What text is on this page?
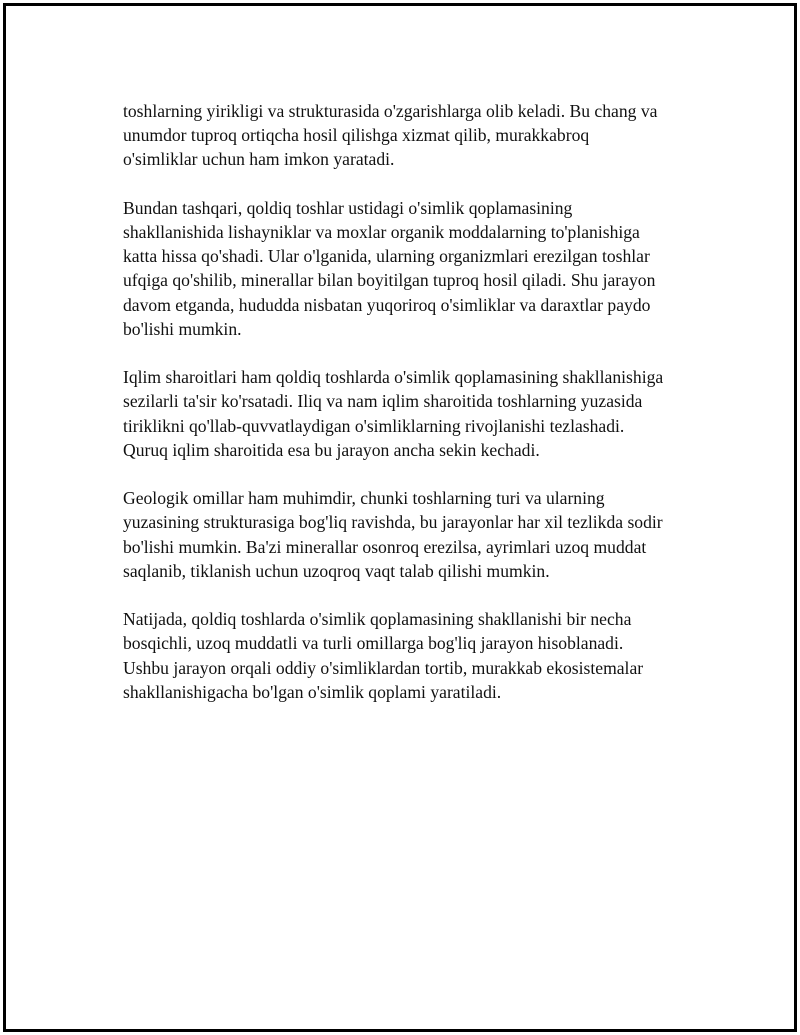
toshlarning yirikligi va strukturasida o'zgarishlarga olib keladi. Bu chang va
unumdor tuproq ortiqcha hosil qilishga xizmat qilib, murakkabroq
o'simliklar uchun ham imkon yaratadi.

Bundan tashqari, qoldiq toshlar ustidagi o'simlik qoplamasining
shakllanishida lishayniklar va moxlar organik moddalarning to'planishiga
katta hissa qo'shadi. Ular o'lganida, ularning organizmlari erezilgan toshlar
ufqiga qo'shilib, minerallar bilan boyitilgan tuproq hosil qiladi. Shu jarayon
davom etganda, hududda nisbatan yuqoriroq o'simliklar va daraxtlar paydo
bo'lishi mumkin.

Iqlim sharoitlari ham qoldiq toshlarda o'simlik qoplamasining shakllanishiga
sezilarli ta'sir ko'rsatadi. Iliq va nam iqlim sharoitida toshlarning yuzasida
tiriklikni qo'llab-quvvatlaydigan o'simliklarning rivojlanishi tezlashadi.
Quruq iqlim sharoitida esa bu jarayon ancha sekin kechadi.

Geologik omillar ham muhimdir, chunki toshlarning turi va ularning
yuzasining strukturasiga bog'liq ravishda, bu jarayonlar har xil tezlikda sodir
bo'lishi mumkin. Ba'zi minerallar osonroq erezilsa, ayrimlari uzoq muddat
saqlanib, tiklanish uchun uzoqroq vaqt talab qilishi mumkin.

Natijada, qoldiq toshlarda o'simlik qoplamasining shakllanishi bir necha
bosqichli, uzoq muddatli va turli omillarga bog'liq jarayon hisoblanadi.
Ushbu jarayon orqali oddiy o'simliklardan tortib, murakkab ekosistemalar
shakllanishigacha bo'lgan o'simlik qoplami yaratiladi.
